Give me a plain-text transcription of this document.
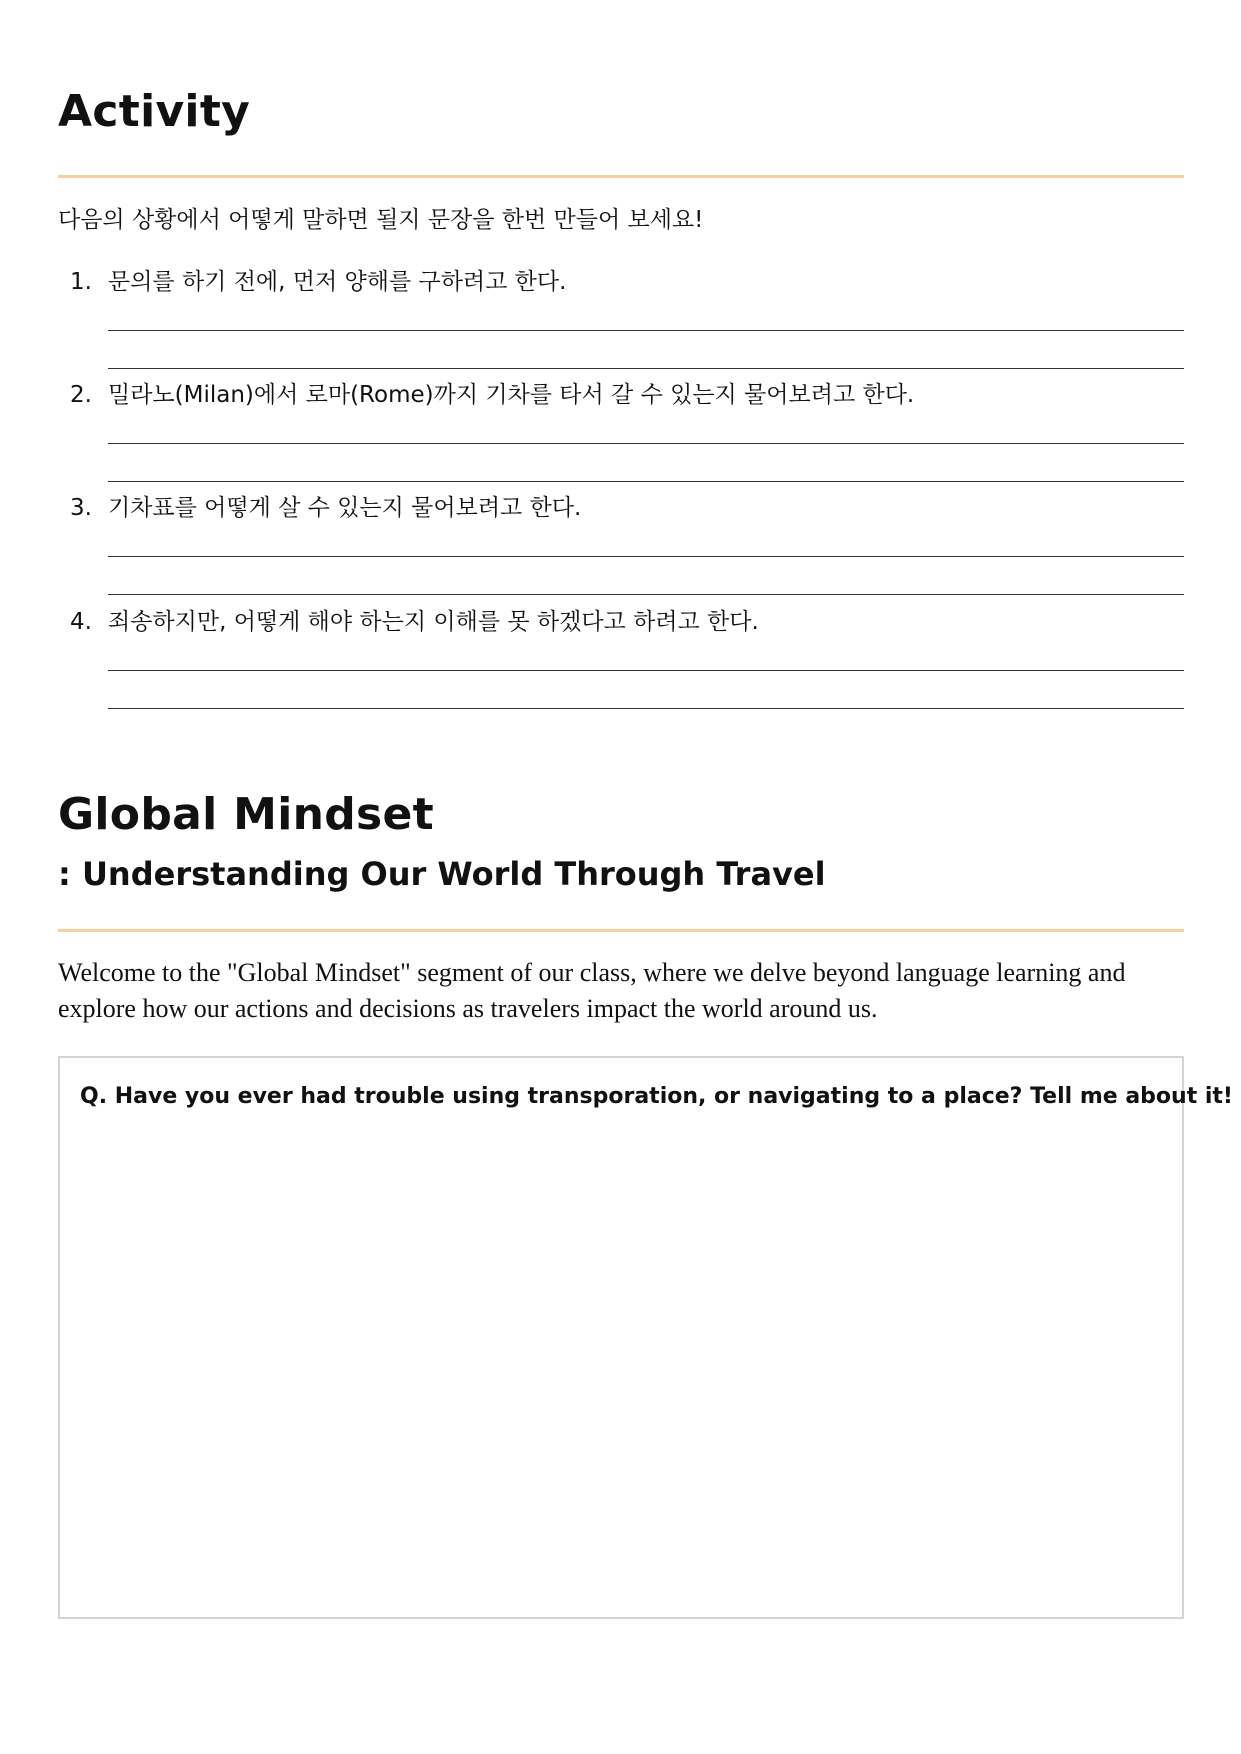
Activity
다음의 상황에서 어떻게 말하면 될지 문장을 한번 만들어 보세요!
1. 문의를 하기 전에, 먼저 양해를 구하려고 한다.
2. 밀라노(Milan)에서 로마(Rome)까지 기차를 타서 갈 수 있는지 물어보려고 한다.
3. 기차표를 어떻게 살 수 있는지 물어보려고 한다.
4. 죄송하지만, 어떻게 해야 하는지 이해를 못 하겠다고 하려고 한다.
Global Mindset
: Understanding Our World Through Travel

Welcome to the "Global Mindset" segment of our class, where we delve beyond language learning and explore how our actions and decisions as travelers impact the world around us.

Q. Have you ever had trouble using transporation, or navigating to a place? Tell me about it!
